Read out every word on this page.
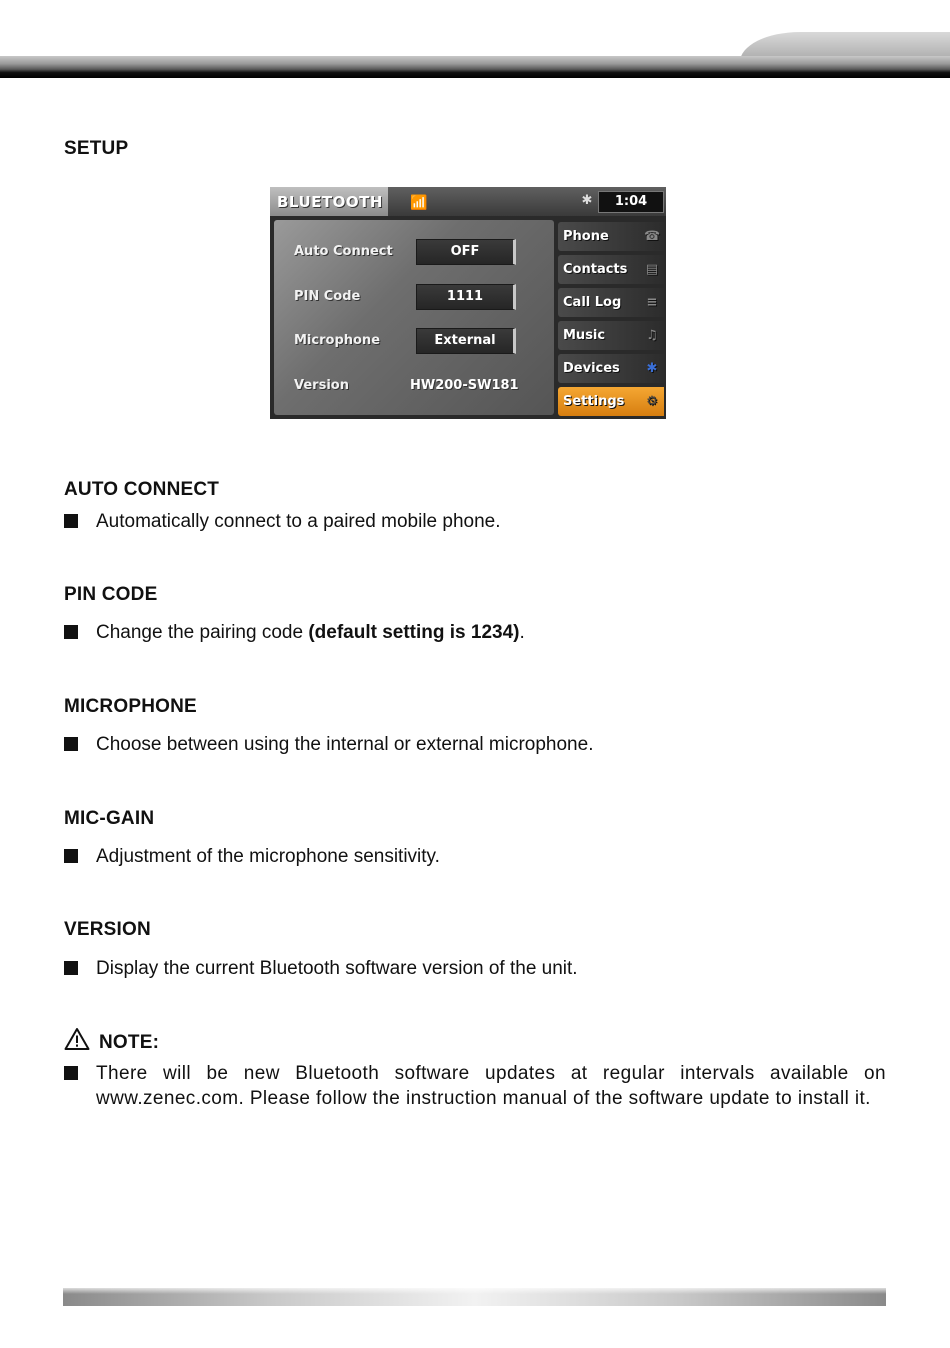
SETUP
BLUETOOTH	📶	✱	1:04
Auto Connect	OFF
PIN Code	1111
Microphone	External
Version	HW200-SW181
Phone	☎
Contacts ▤
Call Log ≡
Music	♫
Devices ✱
Settings ⚙
AUTO CONNECT
Automatically connect to a paired mobile phone.
PIN CODE
Change the pairing code (default setting is 1234).
MICROPHONE
Choose between using the internal or external microphone.
MIC-GAIN
Adjustment of the microphone sensitivity.
VERSION
Display the current Bluetooth software version of the unit.
NOTE:
There will be new Bluetooth software updates at regular intervals available on www.zenec.com. Please follow the instruction manual of the software update to install it.
